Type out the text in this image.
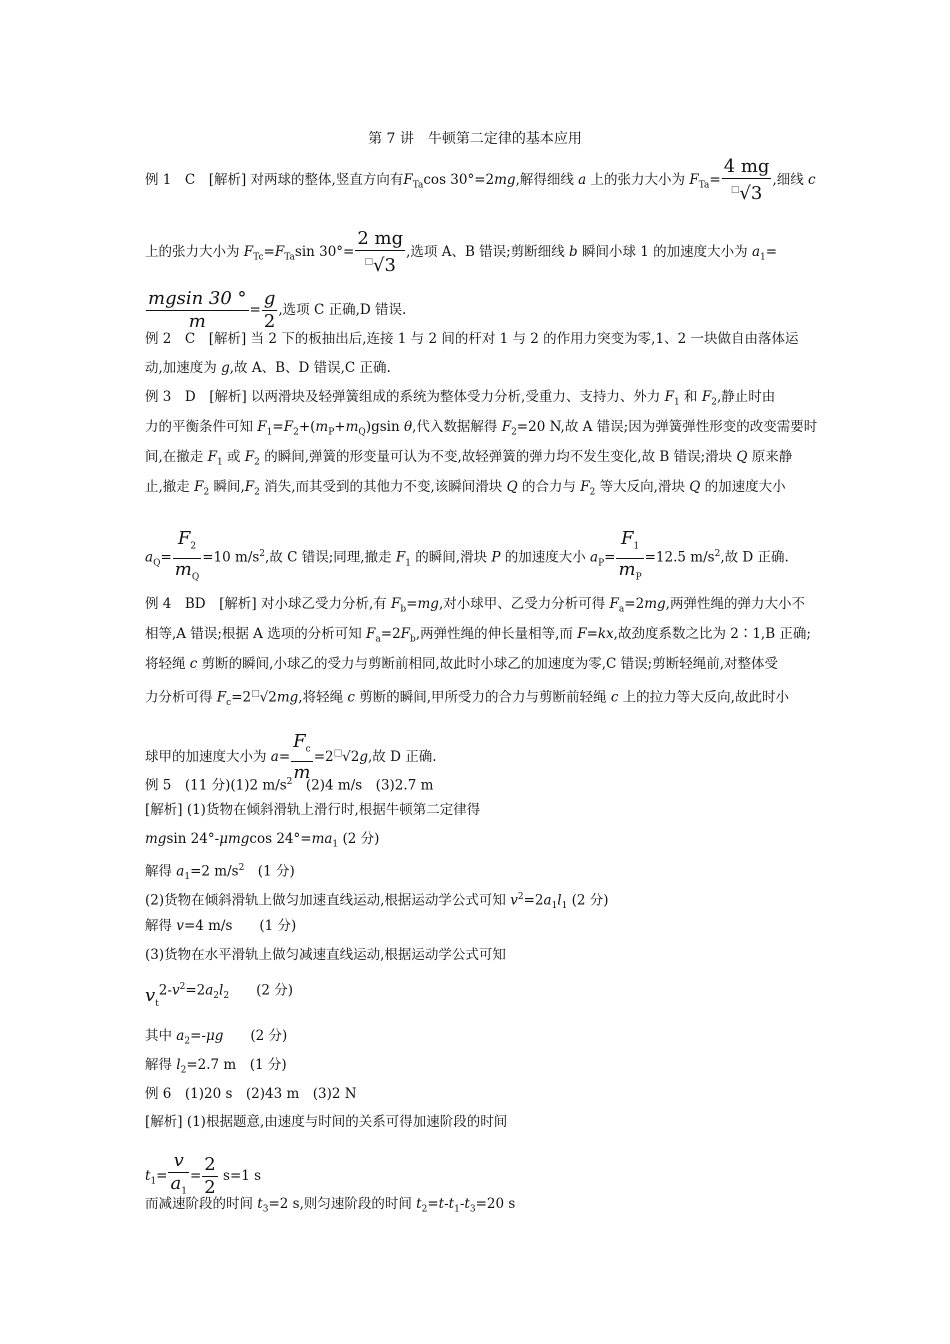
第 7 讲　牛顿第二定律的基本应用
例 1　C　[解析] 对两球的整体,竖直方向有$F_{Ta}\cos$ 30°=2mg,解得细线 a 上的张力大小为 $F_{Ta}= \frac{4 mg}{^□√3}$ ,细线 c
上的张力大小为 $F_{Tc}=F_{Ta}\sin$ $30^\circ= \frac{2 mg}{^□√3}$ ,选项 A、B 错误;剪断细线 b 瞬间小球 1 的加速度大小为 $a_1=$
$\frac{mgsin 30 ^\circ}{m} = \frac{g}{2}$ ,选项 C 正确,D 错误.
例 2　C　[解析] 当 2 下的板抽出后,连接 1 与 2 间的杆对 1 与 2 的作用力突变为零,1、2 一块做自由落体运
动,加速度为 g,故 A、B、D 错误,C 正确.
例 3　D　[解析] 以两滑块及轻弹簧组成的系统为整体受力分析,受重力、支持力、外力 $F_1$ 和 $F_2$,静止时由
力的平衡条件可知 $F_1=F_2+(m_P+m_Q)gsin$ θ,代入数据解得 $F_2=20$ N,故 A 错误;因为弹簧弹性形变的改变需要时
间,在撤走 $F_1$ 或 $F_2$ 的瞬间,弹簧的形变量可认为不变,故轻弹簧的弹力均不发生变化,故 B 错误;滑块 Q 原来静
止,撤走 $F_2$ 瞬间$,F_2$ 消失,而其受到的其他力不变,该瞬间滑块 Q 的合力与 $F_2$ 等大反向,滑块 Q 的加速度大小
$a_Q= \frac{F_2}{m_Q} =10$ $m/s^2$,故 C 错误;同理,撤走 $F_1$ 的瞬间,滑块 P 的加速度大小 $a_P= \frac{F_1}{m_P} =12.5$ $m/s^2$,故 D 正确.
例 4　BD　[解析] 对小球乙受力分析,有 $F_b=mg$,对小球甲、乙受力分析可得 $F_a=2mg$,两弹性绳的弹力大小不
相等,A 错误;根据 A 选项的分析可知 $F_a=2F_b$,两弹性绳的伸长量相等,而 F=kx,故劲度系数之比为 2∶1,B 正确;
将轻绳 c 剪断的瞬间,小球乙的受力与剪断前相同,故此时小球乙的加速度为零,C 错误;剪断轻绳前,对整体受
力分析可得 $F_c=2^□√2mg$,将轻绳 c 剪断的瞬间,甲所受力的合力与剪断前轻绳 c 上的拉力等大反向,故此时小
球甲的加速度大小为 $a= \frac{F_c}{m} =2^□√2g$,故 D 正确.
例 5　(11 分)(1)2 $m/s^2$　(2)4 m/s　(3)2.7 m
[解析] (1)货物在倾斜滑轨上滑行时,根据牛顿第二定律得
mgsin 24°-μmgcos $24^\circ=ma_1$ (2 分)
解得 $a_1=2$ $m/s^2$　(1 分)
(2)货物在倾斜滑轨上做匀加速直线运动,根据运动学公式可知 $v^2=2a_1l_1$ (2 分)
解得 v=4 m/s　　(1 分)
(3)货物在水平滑轨上做匀减速直线运动,根据运动学公式可知
$v_t2-v^2=2a_2l_2$　　(2 分)
其中 $a_2=-\mu g$　　(2 分)
解得 $l_2=2.7$ m　(1 分)
例 6　(1)20 s　(2)43 m　(3)2 N
[解析] (1)根据题意,由速度与时间的关系可得加速阶段的时间
$t_1= \frac{v}{a_1} = \frac{2}{2} s=1$ s
而减速阶段的时间 $t_3=2$ s,则匀速阶段的时间 $t_2=t-t_1-t_3=20$ s
